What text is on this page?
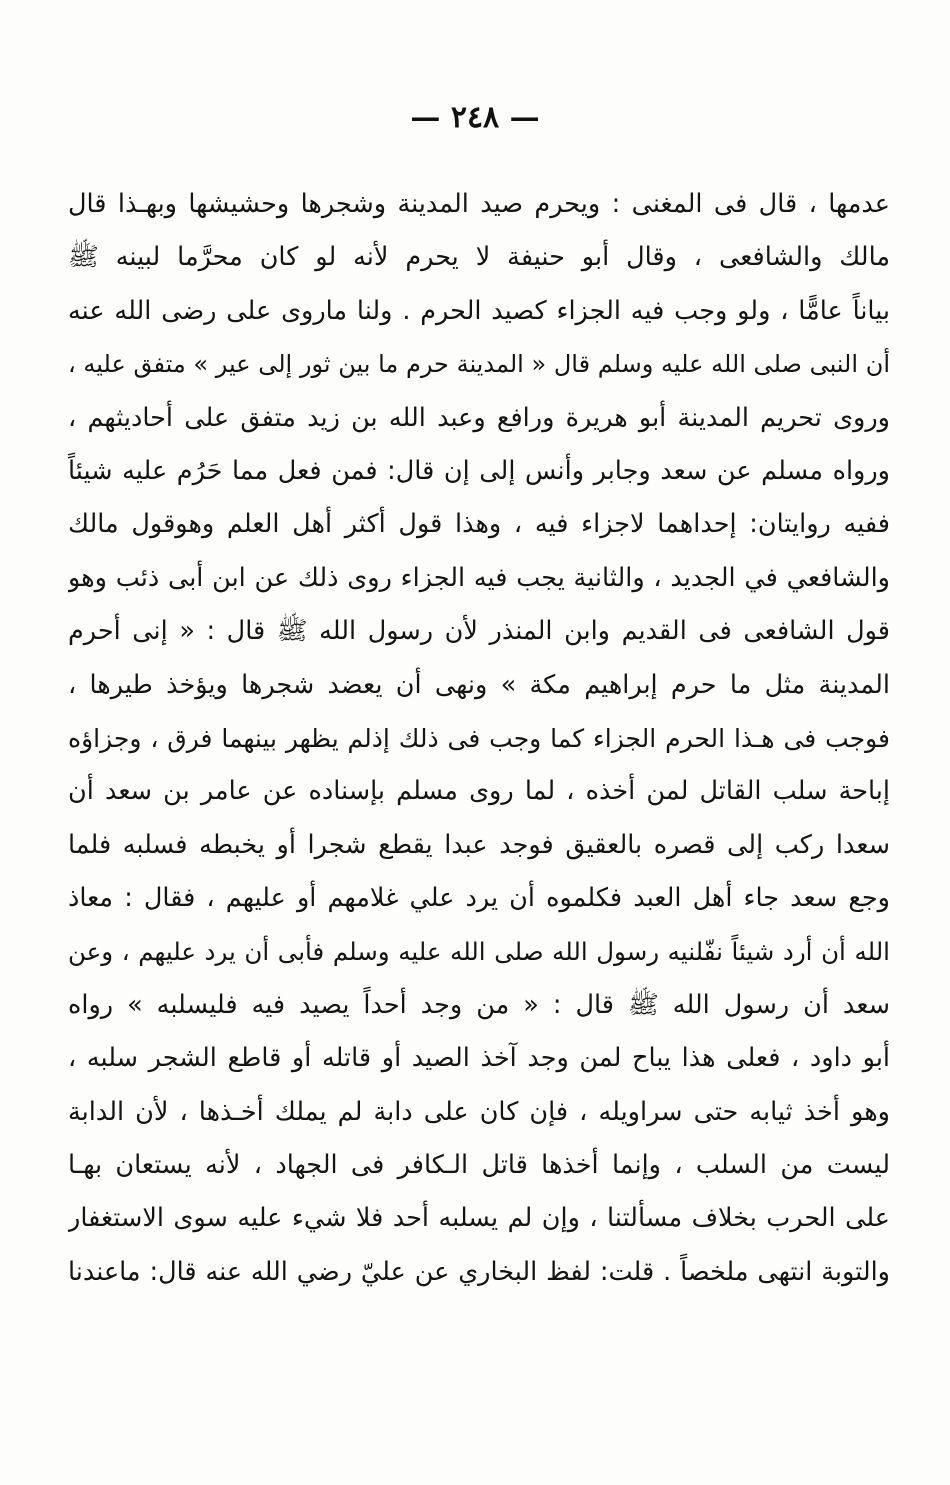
— ٢٤٨ —
عدمها ، قال فى المغنى : ويحرم صيد المدينة وشجرها وحشيشها وبهـذا قال
مالك والشافعى ، وقال أبو حنيفة لا يحرم لأنه لو كان محرَّما لبينه ﷺ
بياناً عامًّا ، ولو وجب فيه الجزاء كصيد الحرم . ولنا ماروى على رضى الله عنه
أن النبى صلى الله عليه وسلم قال « المدينة حرم ما بين ثور إلى عير » متفق عليه ،
وروى تحريم المدينة أبو هريرة ورافع وعبد الله بن زيد متفق على أحاديثهم ،
ورواه مسلم عن سعد وجابر وأنس إلى إن قال: فمن فعل مما حَرُم عليه شيئاً
ففيه روايتان: إحداهما لاجزاء فيه ، وهذا قول أكثر أهل العلم وهوقول مالك
والشافعي في الجديد ، والثانية يجب فيه الجزاء روى ذلك عن ابن أبى ذئب وهو
قول الشافعى فى القديم وابن المنذر لأن رسول الله ﷺ قال : « إنى أحرم
المدينة مثل ما حرم إبراهيم مكة » ونهى أن يعضد شجرها ويؤخذ طيرها ،
فوجب فى هـذا الحرم الجزاء كما وجب فى ذلك إذلم يظهر بينهما فرق ، وجزاؤه
إباحة سلب القاتل لمن أخذه ، لما روى مسلم بإسناده عن عامر بن سعد أن
سعدا ركب إلى قصره بالعقيق فوجد عبدا يقطع شجرا أو يخبطه فسلبه فلما
وجع سعد جاء أهل العبد فكلموه أن يرد علي غلامهم أو عليهم ، فقال : معاذ
الله أن أرد شيئاً نفّلنيه رسول الله صلى الله عليه وسلم فأبى أن يرد عليهم ، وعن
سعد أن رسول الله ﷺ قال : « من وجد أحداً يصيد فيه فليسلبه » رواه
أبو داود ، فعلى هذا يباح لمن وجد آخذ الصيد أو قاتله أو قاطع الشجر سلبه ،
وهو أخذ ثيابه حتى سراويله ، فإن كان على دابة لم يملك أخـذها ، لأن الدابة
ليست من السلب ، وإنما أخذها قاتل الـكافر فى الجهاد ، لأنه يستعان بهـا
على الحرب بخلاف مسألتنا ، وإن لم يسلبه أحد فلا شيء عليه سوى الاستغفار
والتوبة انتهى ملخصاً . قلت: لفظ البخاري عن عليّ رضي الله عنه قال: ماعندنا
